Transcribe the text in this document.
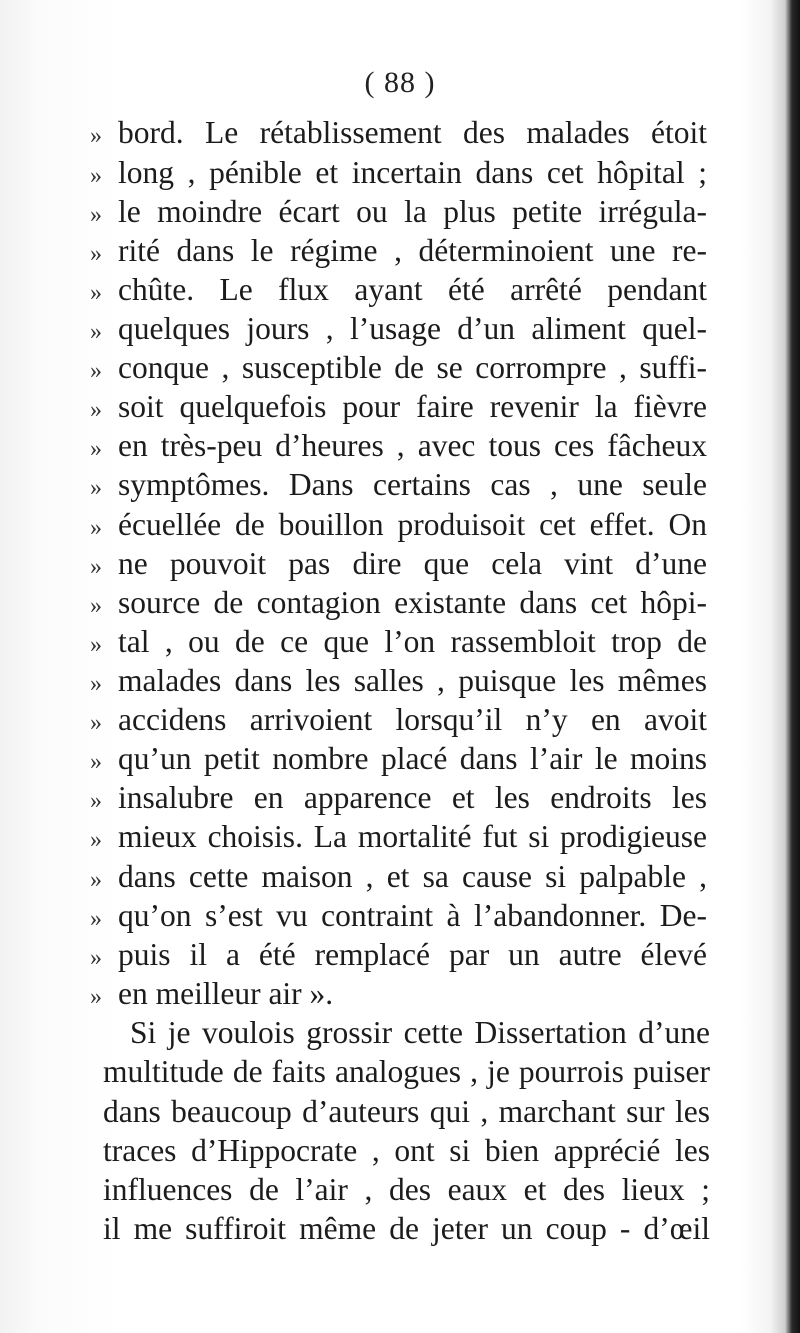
( 88 )
» bord. Le rétablissement des malades étoit
» long , pénible et incertain dans cet hôpital ;
» le moindre écart ou la plus petite irrégula-
» rité dans le régime , déterminoient une re-
» chûte. Le flux ayant été arrêté pendant
» quelques jours , l’usage d’un aliment quel-
» conque , susceptible de se corrompre , suffi-
» soit quelquefois pour faire revenir la fièvre
» en très-peu d’heures , avec tous ces fâcheux
» symptômes. Dans certains cas , une seule
» écuellée de bouillon produisoit cet effet. On
» ne pouvoit pas dire que cela vint d’une
» source de contagion existante dans cet hôpi-
» tal , ou de ce que l’on rassembloit trop de
» malades dans les salles , puisque les mêmes
» accidens arrivoient lorsqu’il n’y en avoit
» qu’un petit nombre placé dans l’air le moins
» insalubre en apparence et les endroits les
» mieux choisis. La mortalité fut si prodigieuse
» dans cette maison , et sa cause si palpable ,
» qu’on s’est vu contraint à l’abandonner. De-
» puis il a été remplacé par un autre élevé
» en meilleur air ».
Si je voulois grossir cette Dissertation d’une
multitude de faits analogues , je pourrois puiser
dans beaucoup d’auteurs qui , marchant sur les
traces d’Hippocrate , ont si bien apprécié les
influences de l’air , des eaux et des lieux ;
il me suffiroit même de jeter un coup - d’œil
